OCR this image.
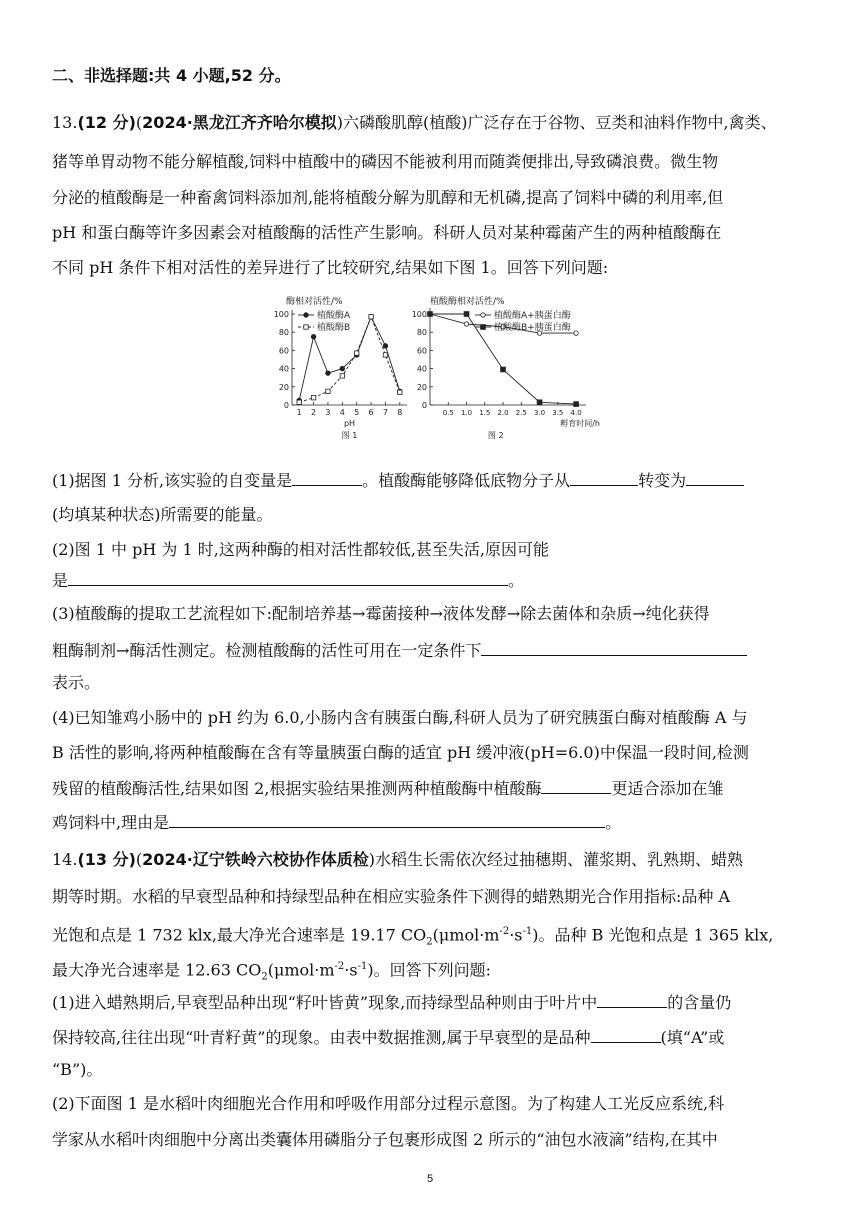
二、非选择题:共 4 小题,52 分。
13.(12 分)(2024·黑龙江齐齐哈尔模拟)六磷酸肌醇(植酸)广泛存在于谷物、豆类和油料作物中,禽类、
猪等单胃动物不能分解植酸,饲料中植酸中的磷因不能被利用而随粪便排出,导致磷浪费。微生物
分泌的植酸酶是一种畜禽饲料添加剂,能将植酸分解为肌醇和无机磷,提高了饲料中磷的利用率,但
pH 和蛋白酶等许多因素会对植酸酶的活性产生影响。科研人员对某种霉菌产生的两种植酸酶在
不同 pH 条件下相对活性的差异进行了比较研究,结果如下图 1。回答下列问题:
酶相对活性/%
0
20
40
60
80
100
1 2 3 4 5 6 7 8
pH
图 1
植酸酶A
植酸酶B
植酸酶相对活性/%
0
20
40
60
80
100
0.5 1.0 1.5 2.0 2.5 3.0 3.5 4.0
孵育时间/h
图 2
植酸酶A+胰蛋白酶
植酸酶B+胰蛋白酶
(1)据图 1 分析,该实验的自变量是	。植酸酶能够降低底物分子从	转变为
(均填某种状态)所需要的能量。
(2)图 1 中 pH 为 1 时,这两种酶的相对活性都较低,甚至失活,原因可能
是	。
(3)植酸酶的提取工艺流程如下:配制培养基→霉菌接种→液体发酵→除去菌体和杂质→纯化获得
粗酶制剂→酶活性测定。检测植酸酶的活性可用在一定条件下
表示。
(4)已知雏鸡小肠中的 pH 约为 6.0,小肠内含有胰蛋白酶,科研人员为了研究胰蛋白酶对植酸酶 A 与
B 活性的影响,将两种植酸酶在含有等量胰蛋白酶的适宜 pH 缓冲液(pH=6.0)中保温一段时间,检测
残留的植酸酶活性,结果如图 2,根据实验结果推测两种植酸酶中植酸酶	更适合添加在雏
鸡饲料中,理由是	。
14.(13 分)(2024·辽宁铁岭六校协作体质检)水稻生长需依次经过抽穗期、灌浆期、乳熟期、蜡熟
期等时期。水稻的早衰型品种和持绿型品种在相应实验条件下测得的蜡熟期光合作用指标:品种 A
光饱和点是 1 732 klx,最大净光合速率是 19.17 $CO_2(\mu mol\cdot m^{-2}\cdot s^{-1})$。品种 B 光饱和点是 1 365 klx,
最大净光合速率是 12.63 $CO_2(\mu mol\cdot m^{-2}\cdot s^{-1})$。回答下列问题:
(1)进入蜡熟期后,早衰型品种出现“籽叶皆黄”现象,而持绿型品种则由于叶片中	的含量仍
保持较高,往往出现“叶青籽黄”的现象。由表中数据推测,属于早衰型的是品种	(填“A”或
“B”)。
(2)下面图 1 是水稻叶肉细胞光合作用和呼吸作用部分过程示意图。为了构建人工光反应系统,科
学家从水稻叶肉细胞中分离出类囊体用磷脂分子包裹形成图 2 所示的“油包水液滴”结构,在其中
5
